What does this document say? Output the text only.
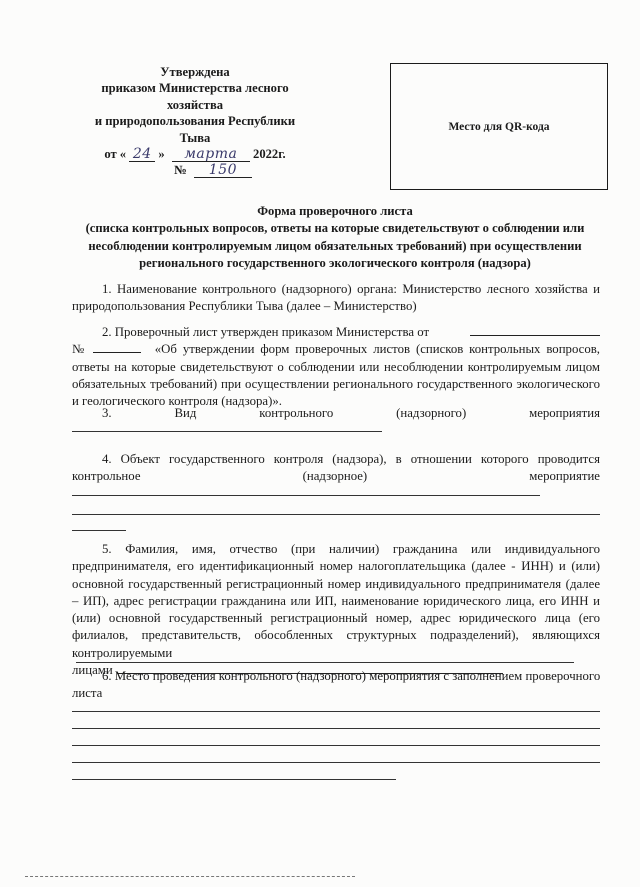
Утверждена
приказом Министерства лесного
хозяйства
и природопользования Республики
Тыва
от « 24 » марта 2022г.
№ 150
Место для QR-кода
Форма проверочного листа
(списка контрольных вопросов, ответы на которые свидетельствуют о соблюдении или
несоблюдении контролируемым лицом обязательных требований) при осуществлении
регионального государственного экологического контроля (надзора)

1. Наименование контрольного (надзорного) органа: Министерство лесного хозяйства и природопользования Республики Тыва (далее – Министерство)

2. Проверочный лист утвержден приказом Министерства от

№	«Об утверждении форм проверочных листов (списков контрольных вопросов, ответы на которые свидетельствуют о соблюдении или несоблюдении контролируемым лицом обязательных требований) при осуществлении регионального государственного экологического и геологического контроля (надзора)».

3.	Вид	контрольного	(надзорного)	мероприятия

4. Объект государственного контроля (надзора), в отношении которого проводится

контрольное	(надзорное)	мероприятие

5. Фамилия, имя, отчество (при наличии) гражданина или индивидуального предпринимателя, его идентификационный номер налогоплательщика (далее - ИНН) и (или) основной государственный регистрационный номер индивидуального предпринимателя (далее – ИП), адрес регистрации гражданина или ИП, наименование юридического лица, его ИНН и (или) основной государственный регистрационный номер, адрес юридического лица (его филиалов, представительств, обособленных структурных подразделений), являющихся контролируемыми

лицами

6. Место проведения контрольного (надзорного) мероприятия с заполнением проверочного

листа
